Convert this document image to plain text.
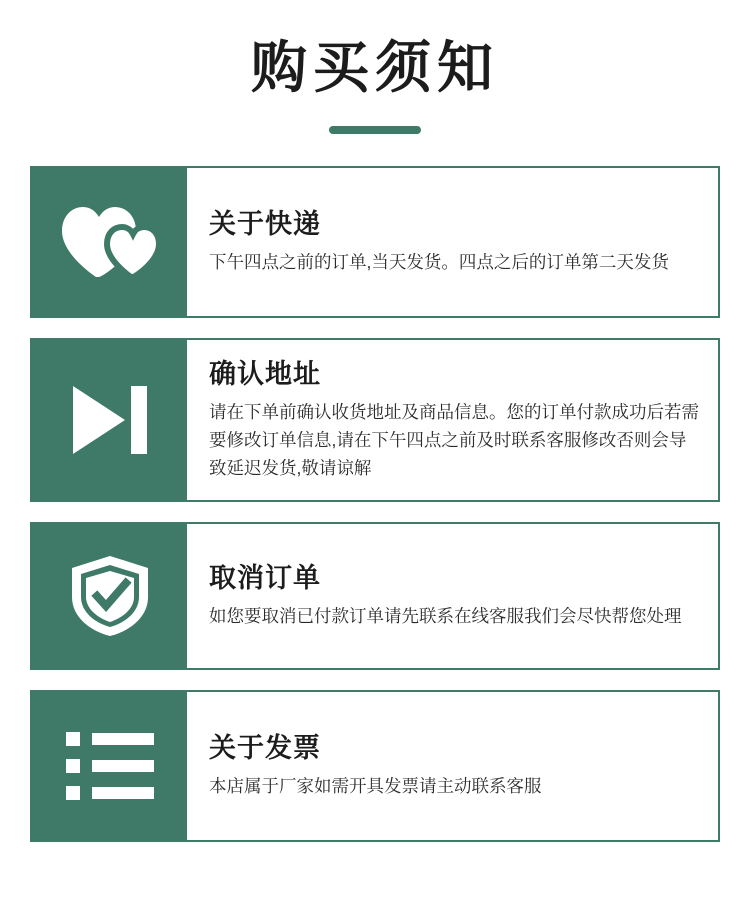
购买须知
关于快递
下午四点之前的订单,当天发货。四点之后的订单第二天发货
确认地址
请在下单前确认收货地址及商品信息。您的订单付款成功后若需要修改订单信息,请在下午四点之前及时联系客服修改否则会导致延迟发货,敬请谅解
取消订单
如您要取消已付款订单请先联系在线客服我们会尽快帮您处理
关于发票
本店属于厂家如需开具发票请主动联系客服
